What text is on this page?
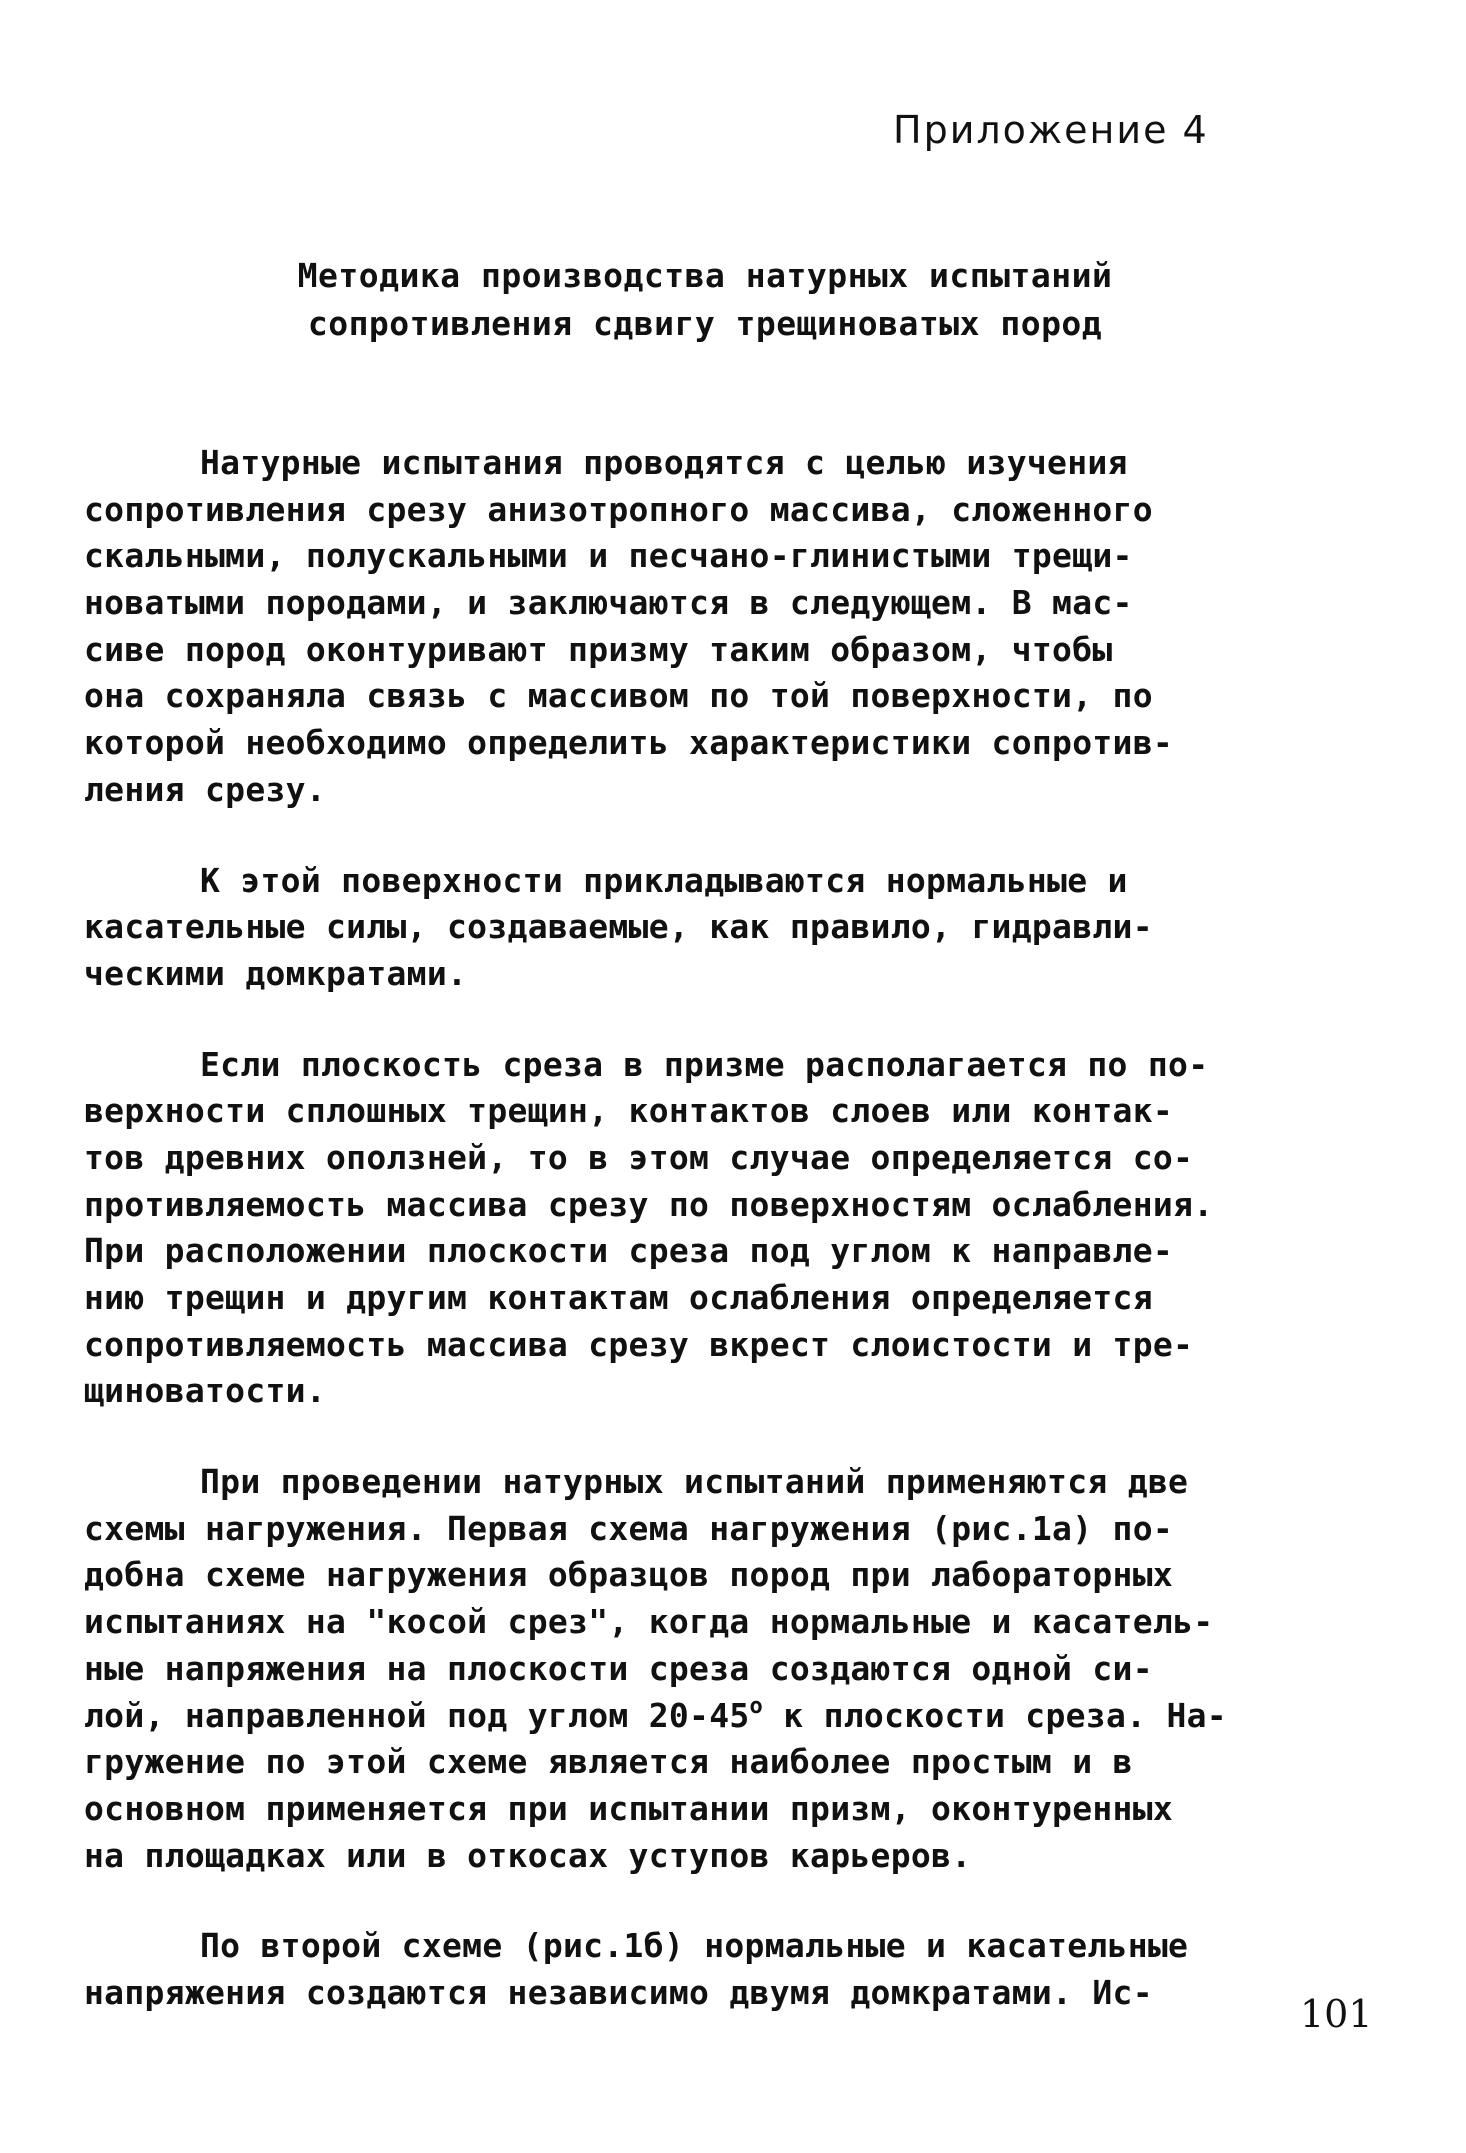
Приложение 4
Методика производства натурных испытаний
сопротивления сдвигу трещиноватых пород
Натурные испытания проводятся с целью изучения
сопротивления срезу анизотропного массива, сложенного
скальными, полускальными и песчано-глинистыми трещи-
новатыми породами, и заключаются в следующем. В мас-
сиве пород оконтуривают призму таким образом, чтобы
она сохраняла связь с массивом по той поверхности, по
которой необходимо определить характеристики сопротив-
ления срезу.
К этой поверхности прикладываются нормальные и
касательные силы, создаваемые, как правило, гидравли-
ческими домкратами.
Если плоскость среза в призме располагается по по-
верхности сплошных трещин, контактов слоев или контак-
тов древних оползней, то в этом случае определяется со-
противляемость массива срезу по поверхностям ослабления.
При расположении плоскости среза под углом к направле-
нию трещин и другим контактам ослабления определяется
сопротивляемость массива срезу вкрест слоистости и тре-
щиноватости.
При проведении натурных испытаний применяются две
схемы нагружения. Первая схема нагружения (рис.1а) по-
добна схеме нагружения образцов пород при лабораторных
испытаниях на "косой срез", когда нормальные и касатель-
ные напряжения на плоскости среза создаются одной си-
лой, направленной под углом $20-45^о$ к плоскости среза. На-
гружение по этой схеме является наиболее простым и в
основном применяется при испытании призм, оконтуренных
на площадках или в откосах уступов карьеров.
По второй схеме (рис.1б) нормальные и касательные
напряжения создаются независимо двумя домкратами. Ис-	101
